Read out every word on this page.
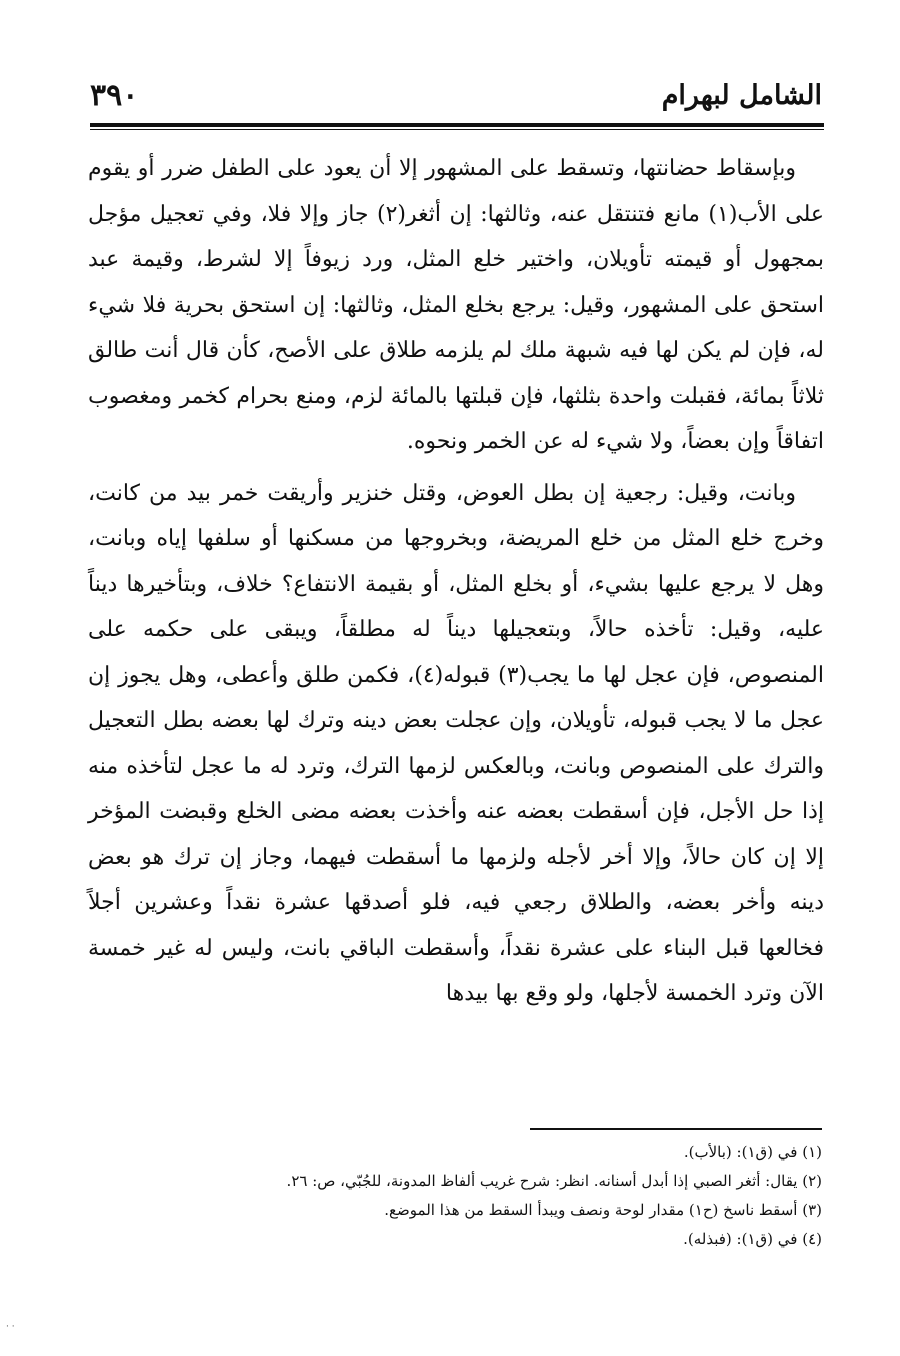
الشامل لبهرام
٣٩٠

وبإسقاط حضانتها، وتسقط على المشهور إلا أن يعود على الطفل ضرر أو يقوم على الأب(١) مانع فتنتقل عنه، وثالثها: إن أثغر(٢) جاز وإلا فلا، وفي تعجيل مؤجل بمجهول أو قيمته تأويلان، واختير خلع المثل، ورد زيوفاً إلا لشرط، وقيمة عبد استحق على المشهور، وقيل: يرجع بخلع المثل، وثالثها: إن استحق بحرية فلا شيء له، فإن لم يكن لها فيه شبهة ملك لم يلزمه طلاق على الأصح، كأن قال أنت طالق ثلاثاً بمائة، فقبلت واحدة بثلثها، فإن قبلتها بالمائة لزم، ومنع بحرام كخمر ومغصوب اتفاقاً وإن بعضاً، ولا شيء له عن الخمر ونحوه.

وبانت، وقيل: رجعية إن بطل العوض، وقتل خنزير وأريقت خمر بيد من كانت، وخرج خلع المثل من خلع المريضة، وبخروجها من مسكنها أو سلفها إياه وبانت، وهل لا يرجع عليها بشيء، أو بخلع المثل، أو بقيمة الانتفاع؟ خلاف، وبتأخيرها ديناً عليه، وقيل: تأخذه حالاً، وبتعجيلها ديناً له مطلقاً، ويبقى على حكمه على المنصوص، فإن عجل لها ما يجب(٣) قبوله(٤)، فكمن طلق وأعطى، وهل يجوز إن عجل ما لا يجب قبوله، تأويلان، وإن عجلت بعض دينه وترك لها بعضه بطل التعجيل والترك على المنصوص وبانت، وبالعكس لزمها الترك، وترد له ما عجل لتأخذه منه إذا حل الأجل، فإن أسقطت بعضه عنه وأخذت بعضه مضى الخلع وقبضت المؤخر إلا إن كان حالاً، وإلا أخر لأجله ولزمها ما أسقطت فيهما، وجاز إن ترك هو بعض دينه وأخر بعضه، والطلاق رجعي فيه، فلو أصدقها عشرة نقداً وعشرين أجلاً فخالعها قبل البناء على عشرة نقداً، وأسقطت الباقي بانت، وليس له غير خمسة الآن وترد الخمسة لأجلها، ولو وقع بها بيدها

(١) في (ق١): (بالأب).
(٢) يقال: أثغر الصبي إذا أبدل أسنانه. انظر: شرح غريب ألفاظ المدونة، للجُبّي، ص: ٢٦.
(٣) أسقط ناسخ (ح١) مقدار لوحة ونصف ويبدأ السقط من هذا الموضع.
(٤) في (ق١): (فبذله).
· ·
